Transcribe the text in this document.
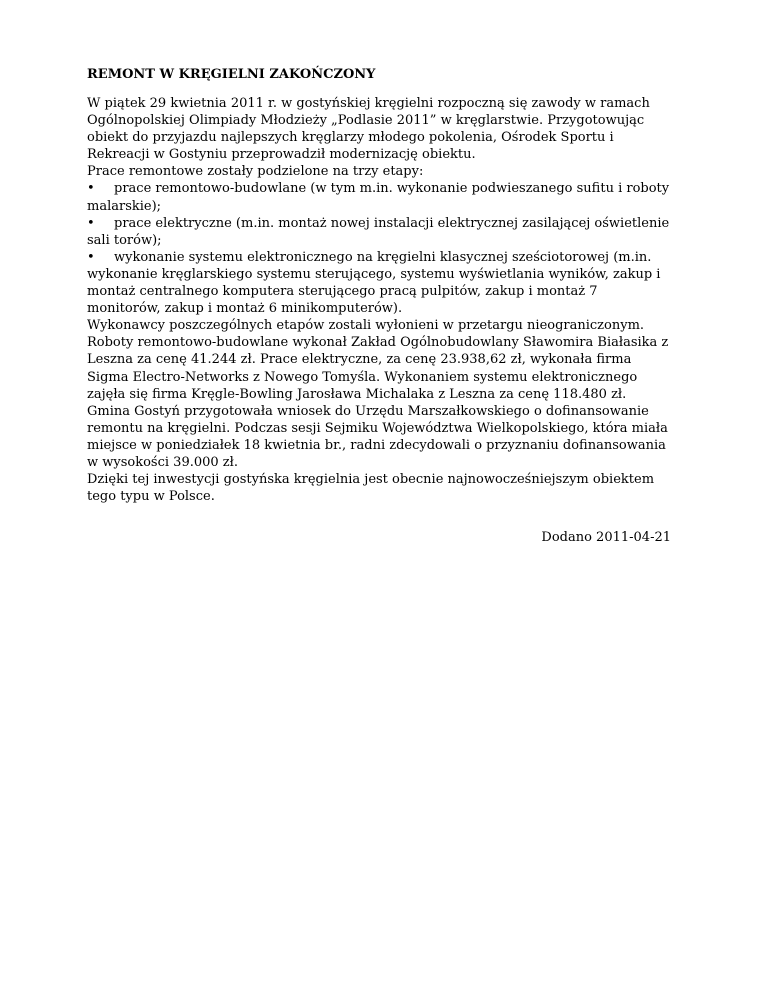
REMONT W KRĘGIELNI ZAKOŃCZONY

W piątek 29 kwietnia 2011 r. w gostyńskiej kręgielni rozpoczną się zawody w ramach Ogólnopolskiej Olimpiady Młodzieży „Podlasie 2011” w kręglarstwie. Przygotowując obiekt do przyjazdu najlepszych kręglarzy młodego pokolenia, Ośrodek Sportu i Rekreacji w Gostyniu przeprowadził modernizację obiektu.

Prace remontowe zostały podzielone na trzy etapy:

• prace remontowo-budowlane (w tym m.in. wykonanie podwieszanego sufitu i roboty malarskie);

• prace elektryczne (m.in. montaż nowej instalacji elektrycznej zasilającej oświetlenie sali torów);

• wykonanie systemu elektronicznego na kręgielni klasycznej sześciotorowej (m.in. wykonanie kręglarskiego systemu sterującego, systemu wyświetlania wyników, zakup i montaż centralnego komputera sterującego pracą pulpitów, zakup i montaż 7 monitorów, zakup i montaż 6 minikomputerów).

Wykonawcy poszczególnych etapów zostali wyłonieni w przetargu nieograniczonym. Roboty remontowo-budowlane wykonał Zakład Ogólnobudowlany Sławomira Białasika z Leszna za cenę 41.244 zł. Prace elektryczne, za cenę 23.938,62 zł, wykonała firma Sigma Electro-Networks z Nowego Tomyśla. Wykonaniem systemu elektronicznego zajęła się firma Kręgle-Bowling Jarosława Michalaka z Leszna za cenę 118.480 zł.

Gmina Gostyń przygotowała wniosek do Urzędu Marszałkowskiego o dofinansowanie remontu na kręgielni. Podczas sesji Sejmiku Województwa Wielkopolskiego, która miała miejsce w poniedziałek 18 kwietnia br., radni zdecydowali o przyznaniu dofinansowania w wysokości 39.000 zł.

Dzięki tej inwestycji gostyńska kręgielnia jest obecnie najnowocześniejszym obiektem tego typu w Polsce.

Dodano 2011-04-21
